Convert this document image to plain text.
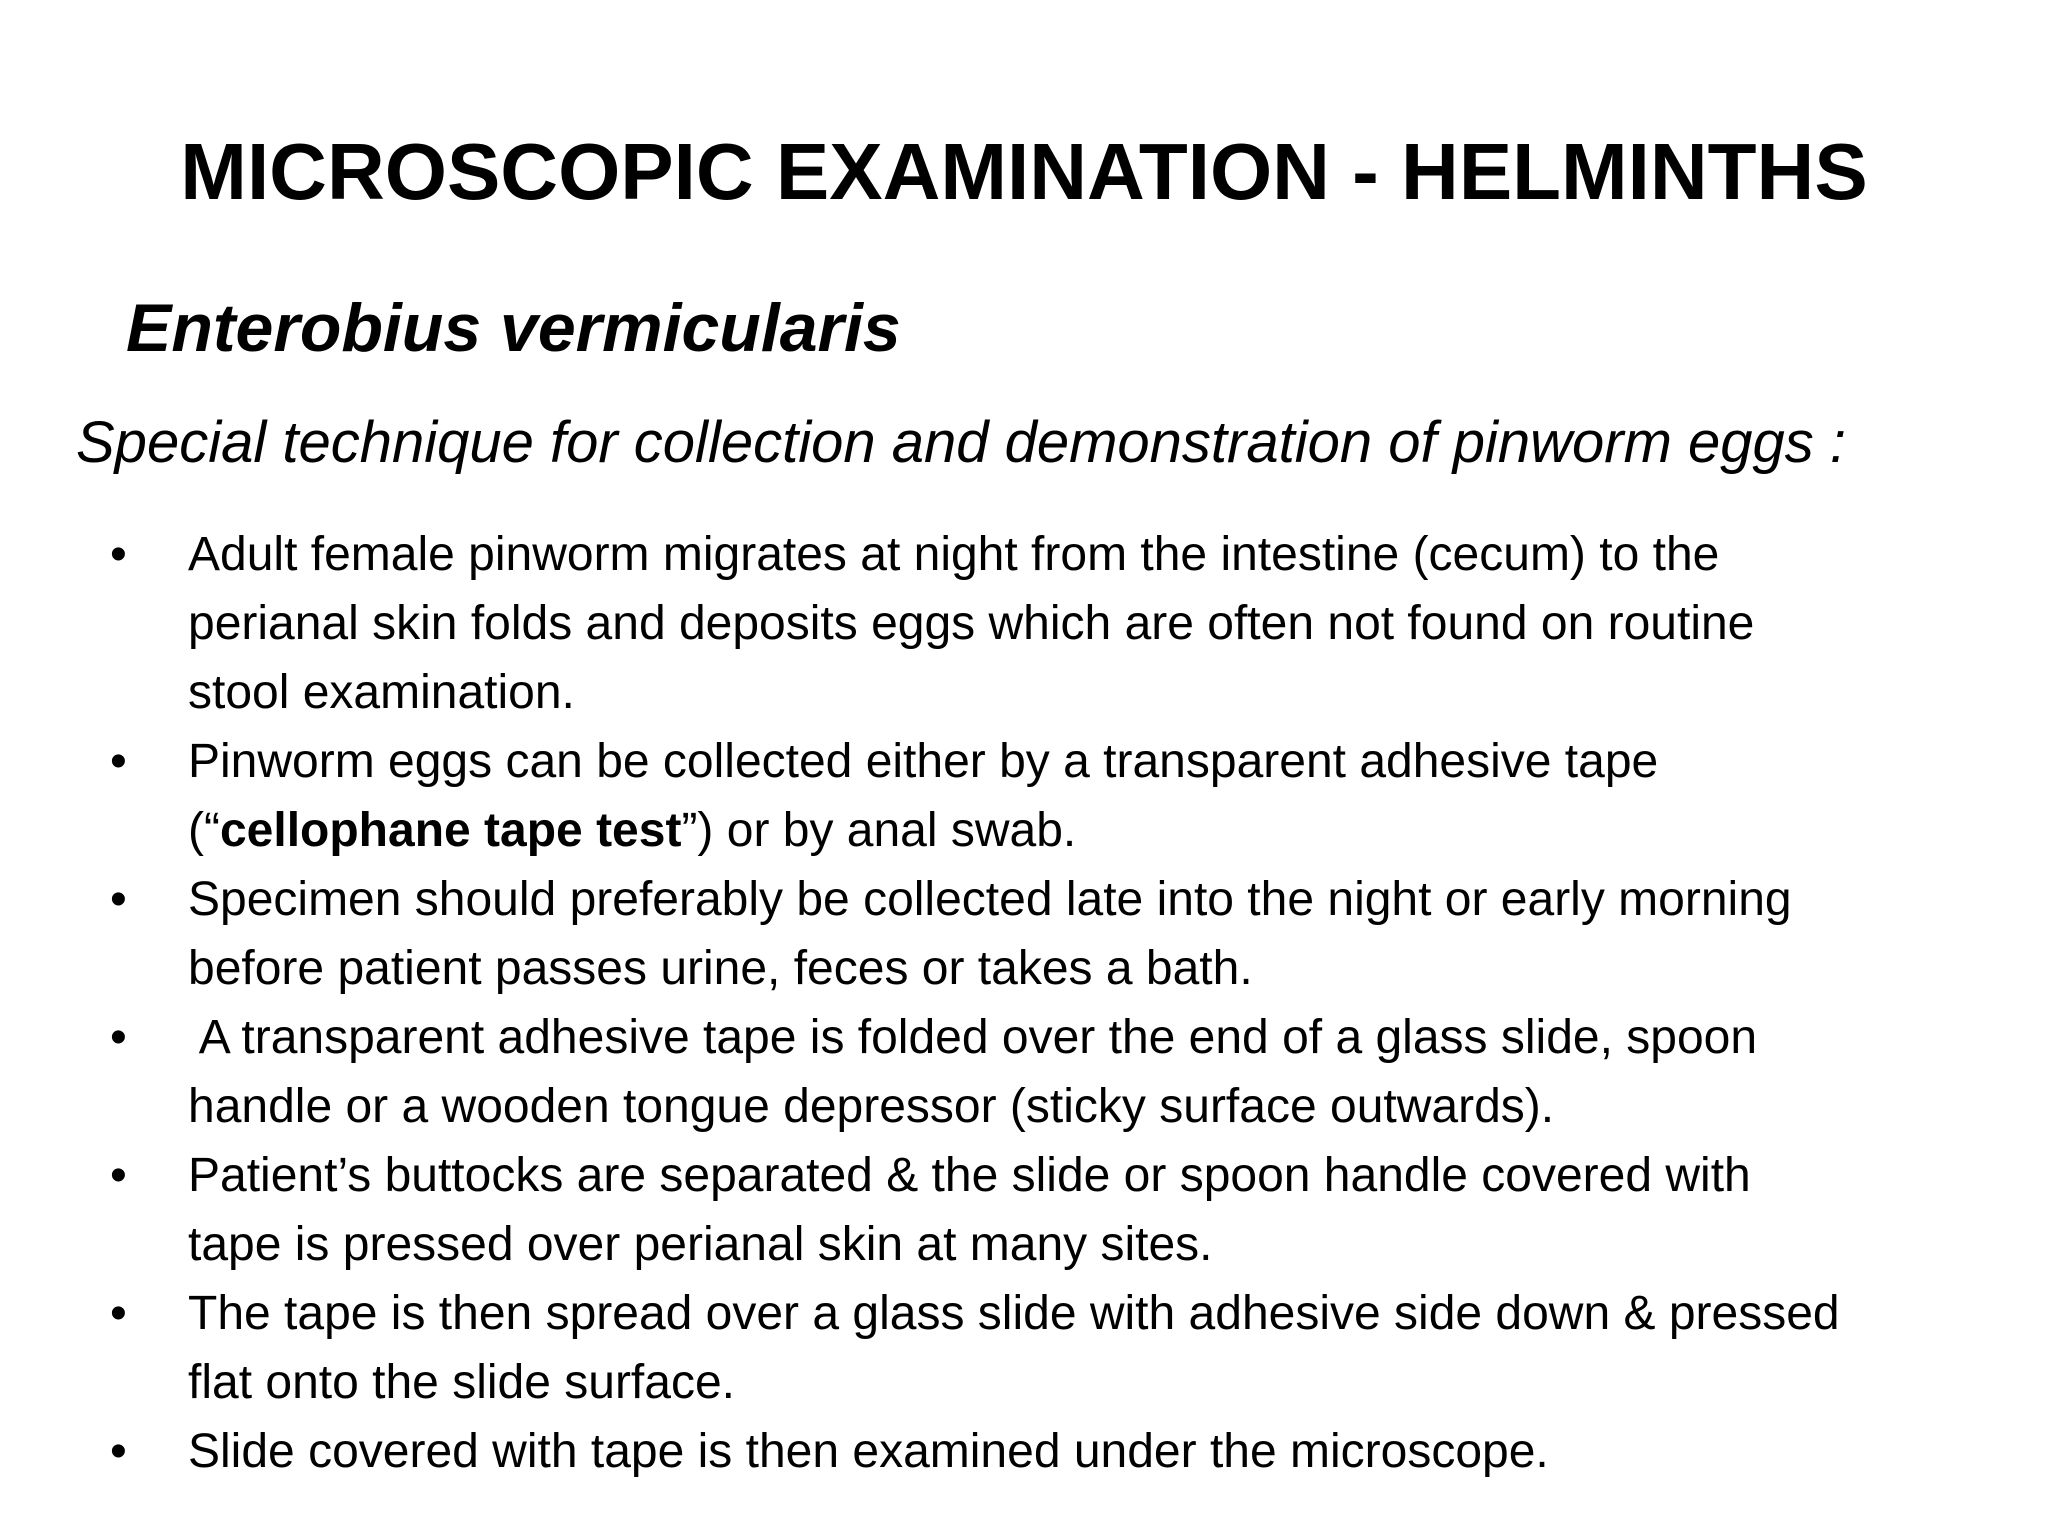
MICROSCOPIC EXAMINATION - HELMINTHS
Enterobius vermicularis
Special technique for collection and demonstration of pinworm eggs :
• Adult female pinworm migrates at night from the intestine (cecum) to the
perianal skin folds and deposits eggs which are often not found on routine
stool examination.
• Pinworm eggs can be collected either by a transparent adhesive tape
(“cellophane tape test”) or by anal swab.
• Specimen should preferably be collected late into the night or early morning
before patient passes urine, feces or takes a bath.
• A transparent adhesive tape is folded over the end of a glass slide, spoon
handle or a wooden tongue depressor (sticky surface outwards).
• Patient’s buttocks are separated & the slide or spoon handle covered with
tape is pressed over perianal skin at many sites.
• The tape is then spread over a glass slide with adhesive side down & pressed
flat onto the slide surface.
• Slide covered with tape is then examined under the microscope.
